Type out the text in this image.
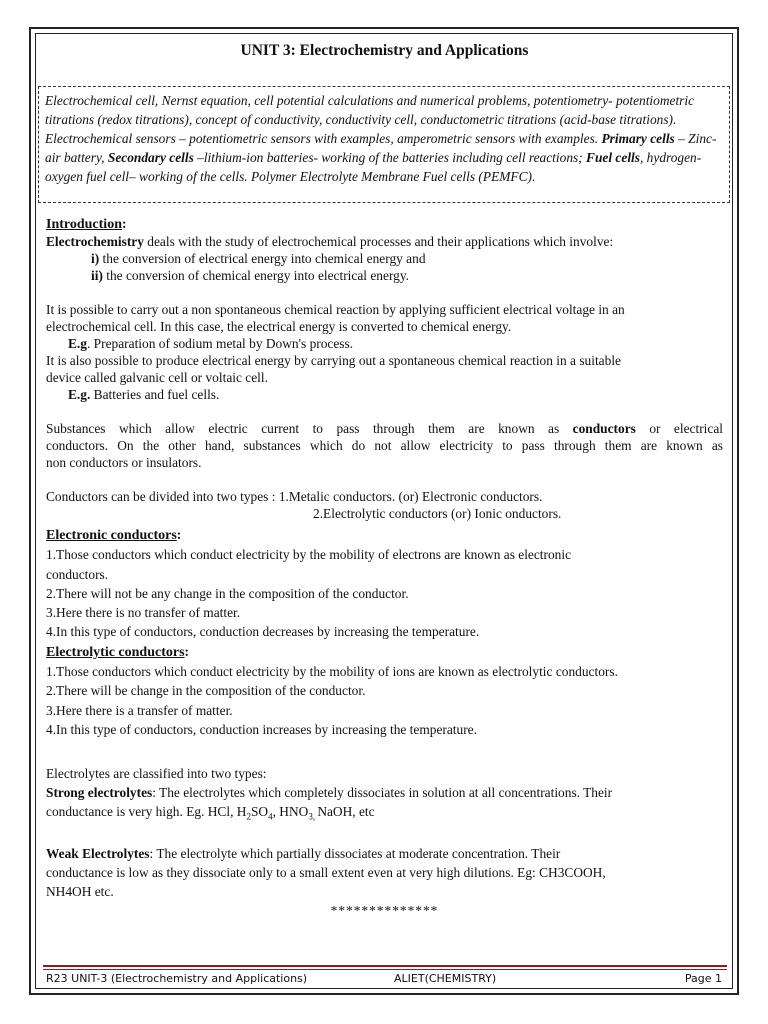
UNIT 3: Electrochemistry and Applications
Electrochemical cell, Nernst equation, cell potential calculations and numerical problems, potentiometry- potentiometric titrations (redox titrations), concept of conductivity, conductivity cell, conductometric titrations (acid-base titrations). Electrochemical sensors – potentiometric sensors with examples, amperometric sensors with examples. Primary cells – Zinc-air battery, Secondary cells –lithium-ion batteries- working of the batteries including cell reactions; Fuel cells, hydrogen-oxygen fuel cell– working of the cells. Polymer Electrolyte Membrane Fuel cells (PEMFC).

Introduction:

Electrochemistry deals with the study of electrochemical processes and their applications which involve:

i) the conversion of electrical energy into chemical energy and

ii) the conversion of chemical energy into electrical energy.

It is possible to carry out a non spontaneous chemical reaction by applying sufficient electrical voltage in an

electrochemical cell. In this case, the electrical energy is converted to chemical energy.

E.g. Preparation of sodium metal by Down's process.

It is also possible to produce electrical energy by carrying out a spontaneous chemical reaction in a suitable

device called galvanic cell or voltaic cell.

E.g. Batteries and fuel cells.

Substances which allow electric current to pass through them are known as conductors or electrical

conductors. On the other hand, substances which do not allow electricity to pass through them are known as

non conductors or insulators.

Conductors can be divided into two types : 1.Metalic conductors. (or) Electronic conductors.

2.Electrolytic conductors (or) Ionic onductors.

Electronic conductors:

1.Those conductors which conduct electricity by the mobility of electrons are known as electronic

conductors.

2.There will not be any change in the composition of the conductor.

3.Here there is no transfer of matter.

4.In this type of conductors, conduction decreases by increasing the temperature.

Electrolytic conductors:

1.Those conductors which conduct electricity by the mobility of ions are known as electrolytic conductors.

2.There will be change in the composition of the conductor.

3.Here there is a transfer of matter.

4.In this type of conductors, conduction increases by increasing the temperature.

Electrolytes are classified into two types:

Strong electrolytes: The electrolytes which completely dissociates in solution at all concentrations. Their

conductance is very high. Eg. HCl, $H_2SO_4$, $HNO_{3,}$ NaOH, etc

Weak Electrolytes: The electrolyte which partially dissociates at moderate concentration. Their

conductance is low as they dissociate only to a small extent even at very high dilutions. Eg: CH3COOH,

NH4OH etc.

**************

R23 UNIT-3 (Electrochemistry and Applications)	ALIET(CHEMISTRY)	Page 1
